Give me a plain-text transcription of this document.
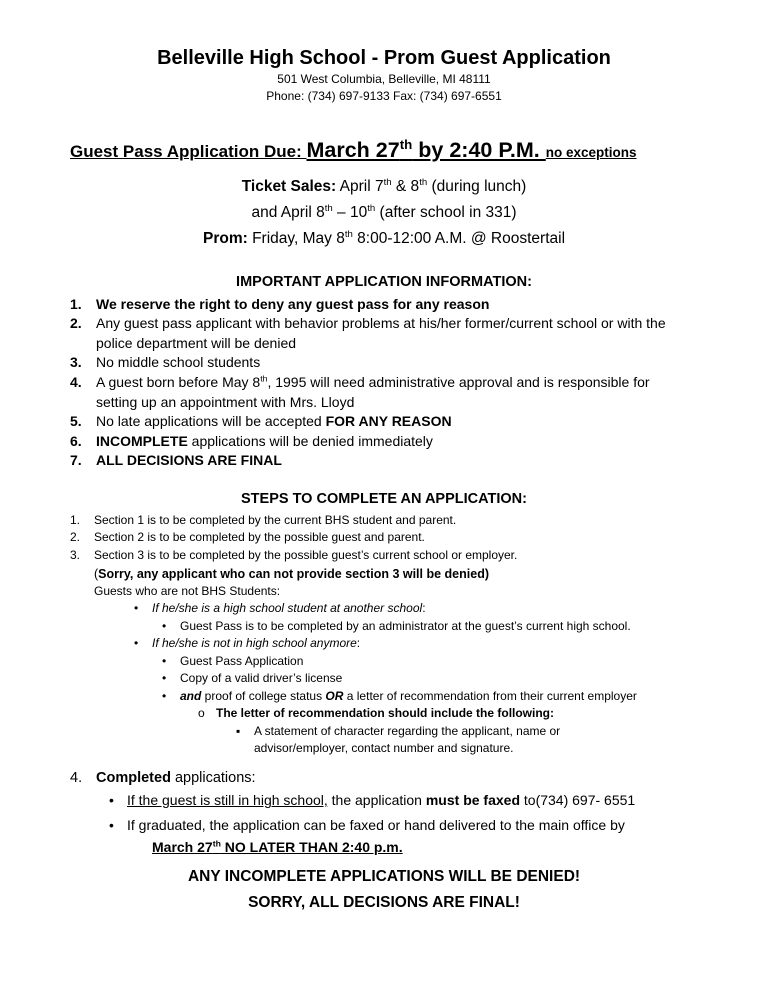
Belleville High School - Prom Guest Application
501 West Columbia, Belleville, MI 48111
Phone: (734) 697-9133 Fax: (734) 697-6551
Guest Pass Application Due: March 27th by 2:40 P.M. no exceptions
Ticket Sales: April 7th & 8th (during lunch)
and April 8th – 10th (after school in 331)
Prom: Friday, May 8th 8:00-12:00 A.M. @ Roostertail
IMPORTANT APPLICATION INFORMATION:
1.	We reserve the right to deny any guest pass for any reason
2.	Any guest pass applicant with behavior problems at his/her former/current school or with the police department will be denied
3.	No middle school students
4.	A guest born before May 8th, 1995 will need administrative approval and is responsible for setting up an appointment with Mrs. Lloyd
5.	No late applications will be accepted FOR ANY REASON
6.	INCOMPLETE applications will be denied immediately
7.	ALL DECISIONS ARE FINAL
STEPS TO COMPLETE AN APPLICATION:
1.	Section 1 is to be completed by the current BHS student and parent.
2.	Section 2 is to be completed by the possible guest and parent.
3.	Section 3 is to be completed by the possible guest’s current school or employer.
(Sorry, any applicant who can not provide section 3 will be denied)
Guests who are not BHS Students:
•	If he/she is a high school student at another school:
•	Guest Pass is to be completed by an administrator at the guest’s current high school.
•	If he/she is not in high school anymore:
•	Guest Pass Application
•	Copy of a valid driver’s license
•	and proof of college status OR a letter of recommendation from their current employer
o The letter of recommendation should include the following:
▪	A statement of character regarding the applicant, name or advisor/employer, contact number and signature.
4. Completed applications:
• If the guest is still in high school, the application must be faxed to(734) 697- 6551
• If graduated, the application can be faxed or hand delivered to the main office by
March 27th NO LATER THAN 2:40 p.m.
ANY INCOMPLETE APPLICATIONS WILL BE DENIED!
SORRY, ALL DECISIONS ARE FINAL!
